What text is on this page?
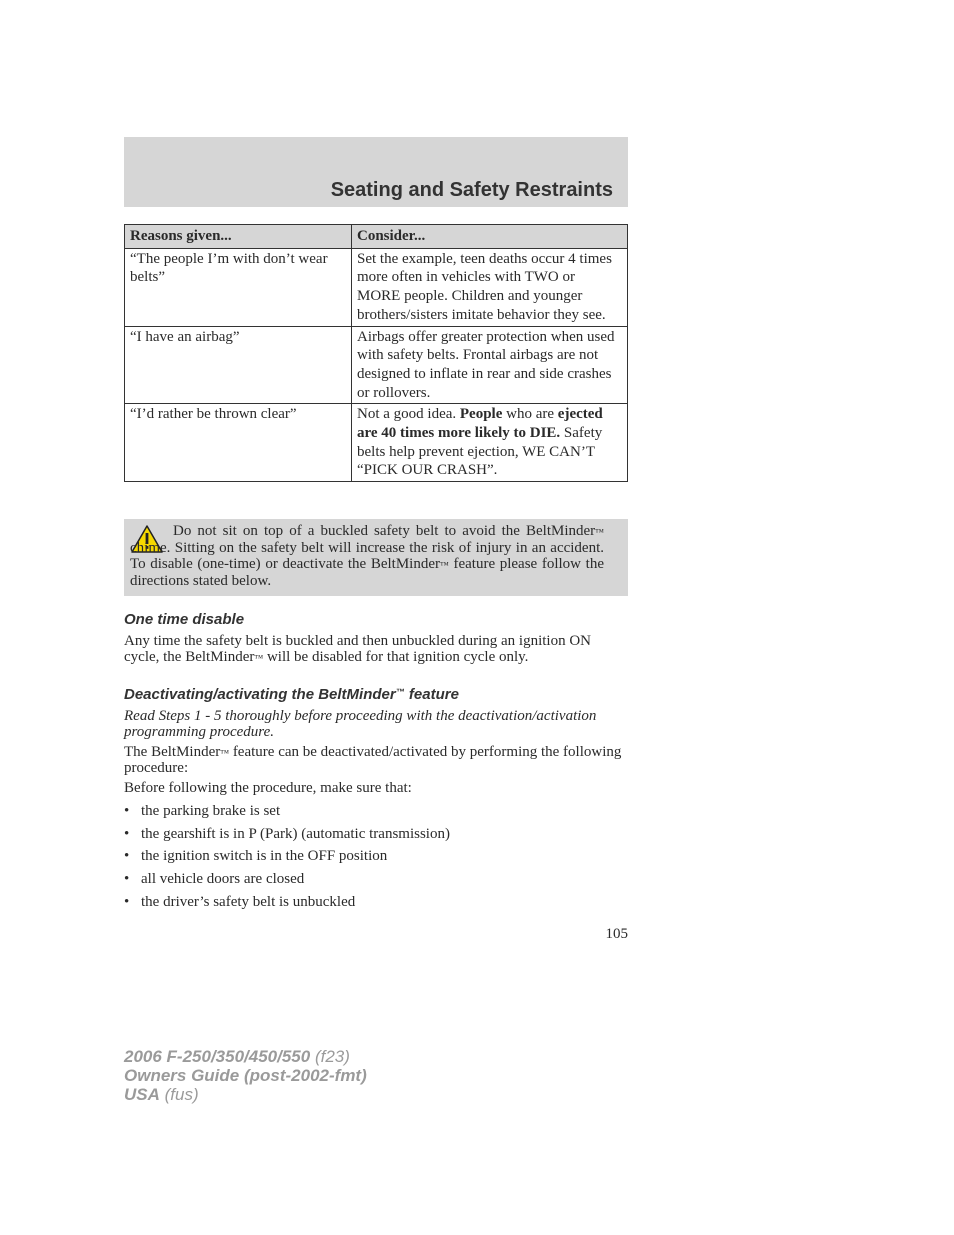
Seating and Safety Restraints
Reasons given...	Consider...
“The people I’m with don’t wear belts”	Set the example, teen deaths occur 4 times more often in vehicles with TWO or MORE people. Children and younger brothers/sisters imitate behavior they see.
“I have an airbag”	Airbags offer greater protection when used with safety belts. Frontal airbags are not designed to inflate in rear and side crashes or rollovers.
“I’d rather be thrown clear”	Not a good idea. People who are ejected are 40 times more likely to DIE. Safety belts help prevent ejection, WE CAN’T “PICK OUR CRASH”.
Do not sit on top of a buckled safety belt to avoid the BeltMinder™ chime. Sitting on the safety belt will increase the risk of injury in an accident. To disable (one-time) or deactivate the BeltMinder™ feature please follow the directions stated below.
One time disable
Any time the safety belt is buckled and then unbuckled during an ignition ON cycle, the BeltMinder™ will be disabled for that ignition cycle only.
Deactivating/activating the BeltMinder™ feature
Read Steps 1 - 5 thoroughly before proceeding with the deactivation/activation programming procedure.
The BeltMinder™ feature can be deactivated/activated by performing the following procedure:
Before following the procedure, make sure that:
• the parking brake is set
• the gearshift is in P (Park) (automatic transmission)
• the ignition switch is in the OFF position
• all vehicle doors are closed
• the driver’s safety belt is unbuckled
105
2006 F-250/350/450/550 (f23)
Owners Guide (post-2002-fmt)
USA (fus)
